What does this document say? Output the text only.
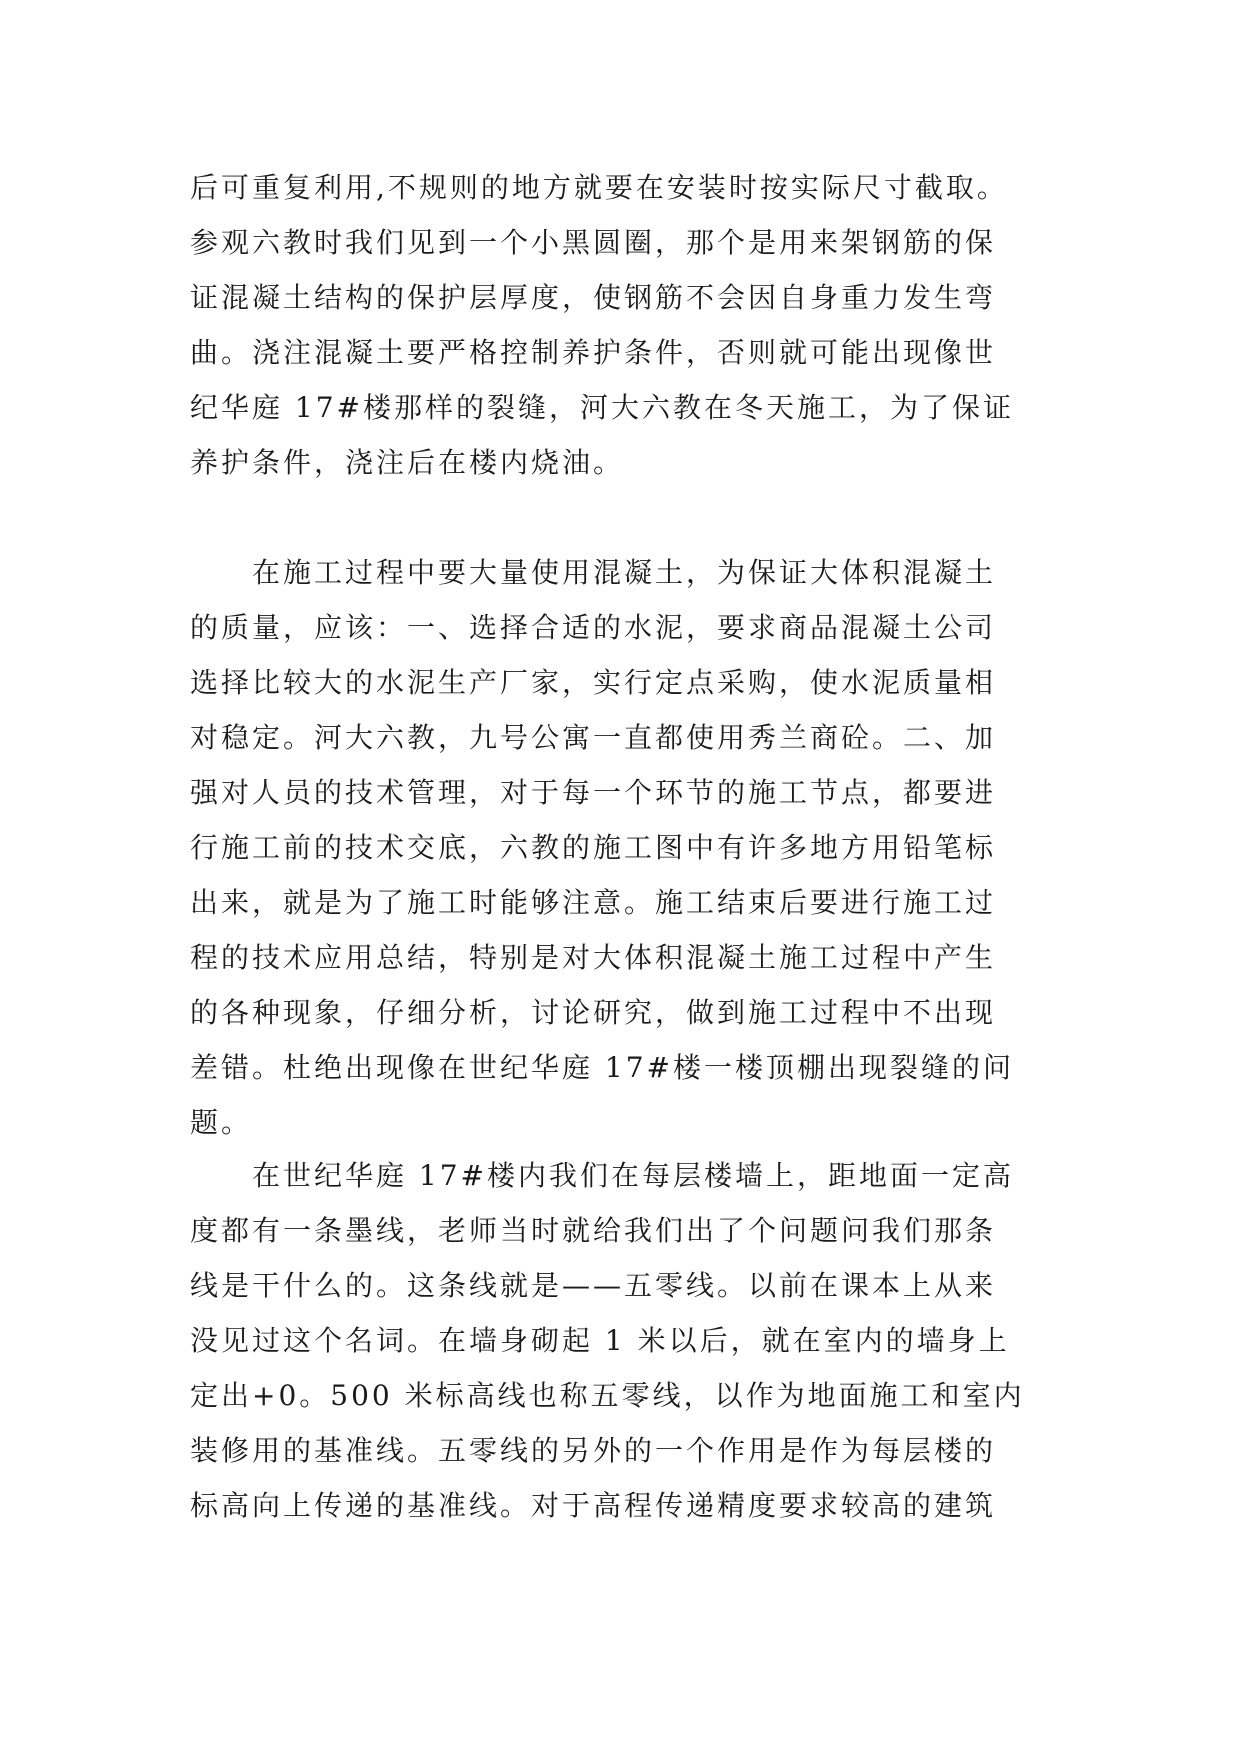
后可重复利用,不规则的地方就要在安装时按实际尺寸截取。
参观六教时我们见到一个小黑圆圈，那个是用来架钢筋的保
证混凝土结构的保护层厚度，使钢筋不会因自身重力发生弯
曲。浇注混凝土要严格控制养护条件，否则就可能出现像世
纪华庭 17#楼那样的裂缝，河大六教在冬天施工，为了保证
养护条件，浇注后在楼内烧油。
在施工过程中要大量使用混凝土，为保证大体积混凝土
的质量，应该：一、选择合适的水泥，要求商品混凝土公司
选择比较大的水泥生产厂家，实行定点采购，使水泥质量相
对稳定。河大六教，九号公寓一直都使用秀兰商砼。二、加
强对人员的技术管理，对于每一个环节的施工节点，都要进
行施工前的技术交底，六教的施工图中有许多地方用铅笔标
出来，就是为了施工时能够注意。施工结束后要进行施工过
程的技术应用总结，特别是对大体积混凝土施工过程中产生
的各种现象，仔细分析，讨论研究，做到施工过程中不出现
差错。杜绝出现像在世纪华庭 17#楼一楼顶棚出现裂缝的问
题。
在世纪华庭 17#楼内我们在每层楼墙上，距地面一定高
度都有一条墨线，老师当时就给我们出了个问题问我们那条
线是干什么的。这条线就是——五零线。以前在课本上从来
没见过这个名词。在墙身砌起 1 米以后，就在室内的墙身上
定出+0。500 米标高线也称五零线，以作为地面施工和室内
装修用的基准线。五零线的另外的一个作用是作为每层楼的
标高向上传递的基准线。对于高程传递精度要求较高的建筑
